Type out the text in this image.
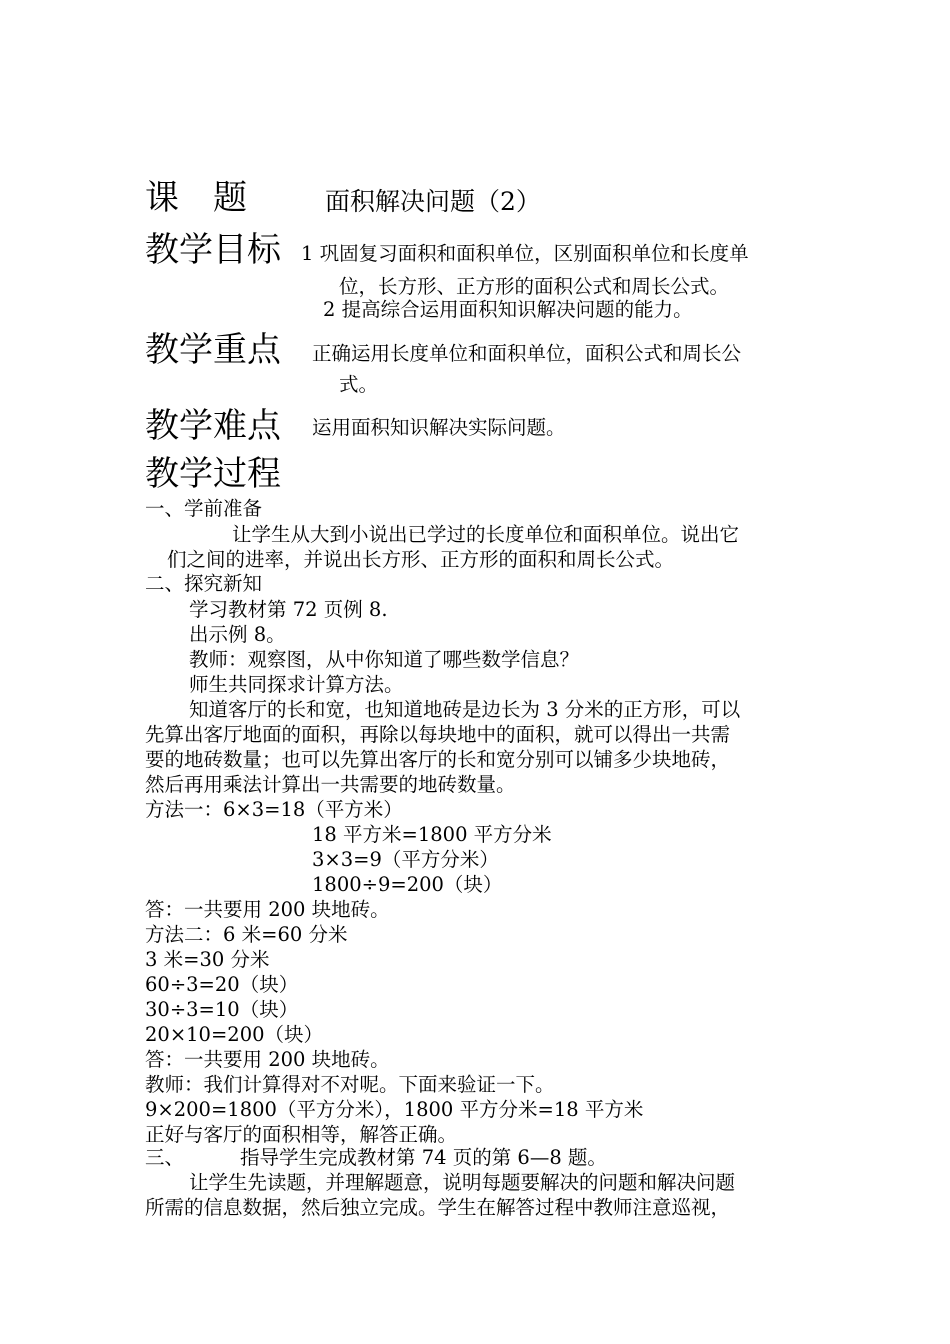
课　题	面积解决问题（2）
教学目标 1 巩固复习面积和面积单位，区别面积单位和长度单
位，长方形、正方形的面积公式和周长公式。
2 提高综合运用面积知识解决问题的能力。
教学重点 正确运用长度单位和面积单位，面积公式和周长公
式。
教学难点 运用面积知识解决实际问题。
教学过程
一、学前准备
让学生从大到小说出已学过的长度单位和面积单位。说出它
们之间的进率，并说出长方形、正方形的面积和周长公式。
二、探究新知
学习教材第 72 页例 8.
出示例 8。
教师：观察图，从中你知道了哪些数学信息？
师生共同探求计算方法。
知道客厅的长和宽，也知道地砖是边长为 3 分米的正方形，可以
先算出客厅地面的面积，再除以每块地中的面积，就可以得出一共需
要的地砖数量；也可以先算出客厅的长和宽分别可以铺多少块地砖，
然后再用乘法计算出一共需要的地砖数量。
方法一：6×3=18（平方米）
18 平方米=1800 平方分米
3×3=9（平方分米）
1800÷9=200（块）
答：一共要用 200 块地砖。
方法二：6 米=60 分米
3 米=30 分米
60÷3=20（块）
30÷3=10（块）
20×10=200（块）
答：一共要用 200 块地砖。
教师：我们计算得对不对呢。下面来验证一下。
9×200=1800（平方分米），1800 平方分米=18 平方米
正好与客厅的面积相等，解答正确。
三、	指导学生完成教材第 74 页的第 6—8 题。
让学生先读题，并理解题意，说明每题要解决的问题和解决问题
所需的信息数据，然后独立完成。学生在解答过程中教师注意巡视，
